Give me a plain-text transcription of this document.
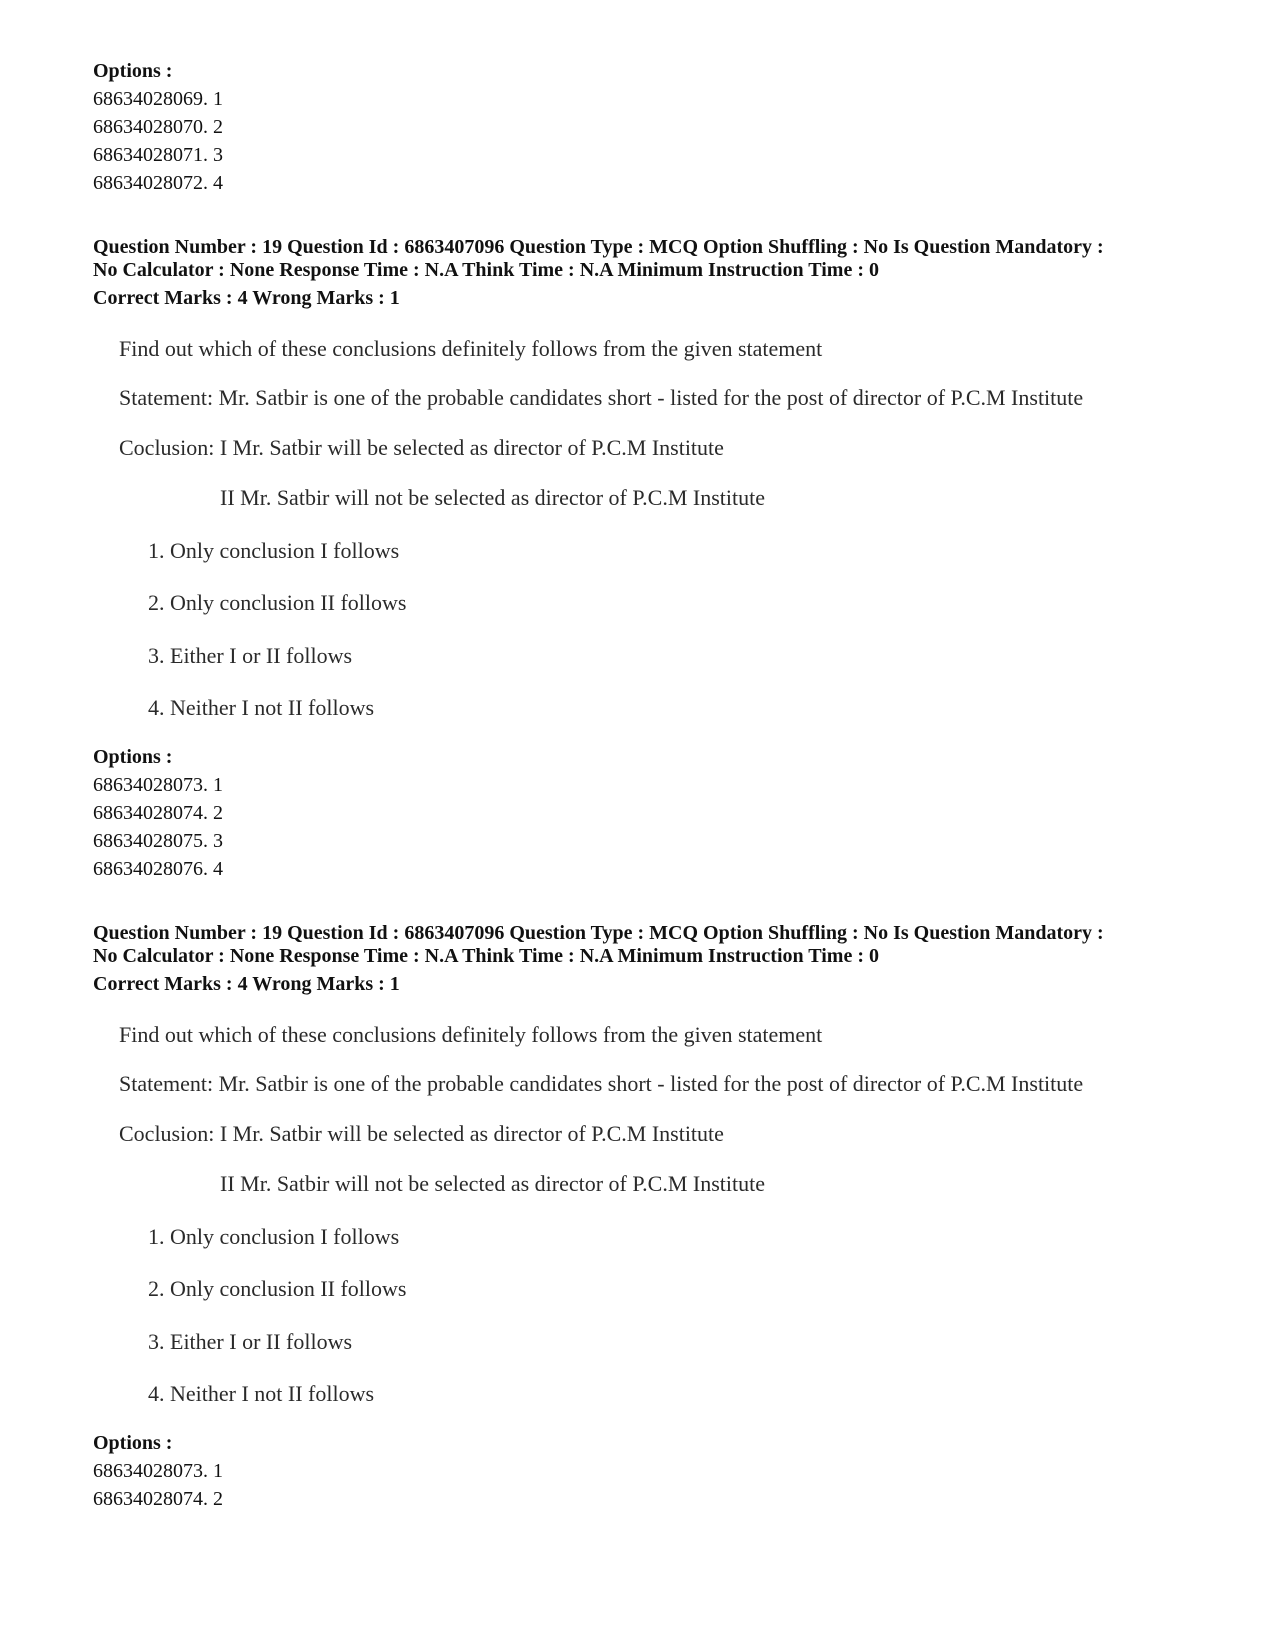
Options :
68634028069. 1
68634028070. 2
68634028071. 3
68634028072. 4
Question Number : 19 Question Id : 6863407096 Question Type : MCQ Option Shuffling : No Is Question Mandatory :
No Calculator : None Response Time : N.A Think Time : N.A Minimum Instruction Time : 0
Correct Marks : 4 Wrong Marks : 1
Find out which of these conclusions definitely follows from the given statement
Statement: Mr. Satbir is one of the probable candidates short - listed for the post of director of P.C.M Institute
Coclusion: I Mr. Satbir will be selected as director of P.C.M Institute
II Mr. Satbir will not be selected as director of P.C.M Institute
1. Only conclusion I follows
2. Only conclusion II follows
3. Either I or II follows
4. Neither I not II follows
Options :
68634028073. 1
68634028074. 2
68634028075. 3
68634028076. 4
Question Number : 19 Question Id : 6863407096 Question Type : MCQ Option Shuffling : No Is Question Mandatory :
No Calculator : None Response Time : N.A Think Time : N.A Minimum Instruction Time : 0
Correct Marks : 4 Wrong Marks : 1
Find out which of these conclusions definitely follows from the given statement
Statement: Mr. Satbir is one of the probable candidates short - listed for the post of director of P.C.M Institute
Coclusion: I Mr. Satbir will be selected as director of P.C.M Institute
II Mr. Satbir will not be selected as director of P.C.M Institute
1. Only conclusion I follows
2. Only conclusion II follows
3. Either I or II follows
4. Neither I not II follows
Options :
68634028073. 1
68634028074. 2
